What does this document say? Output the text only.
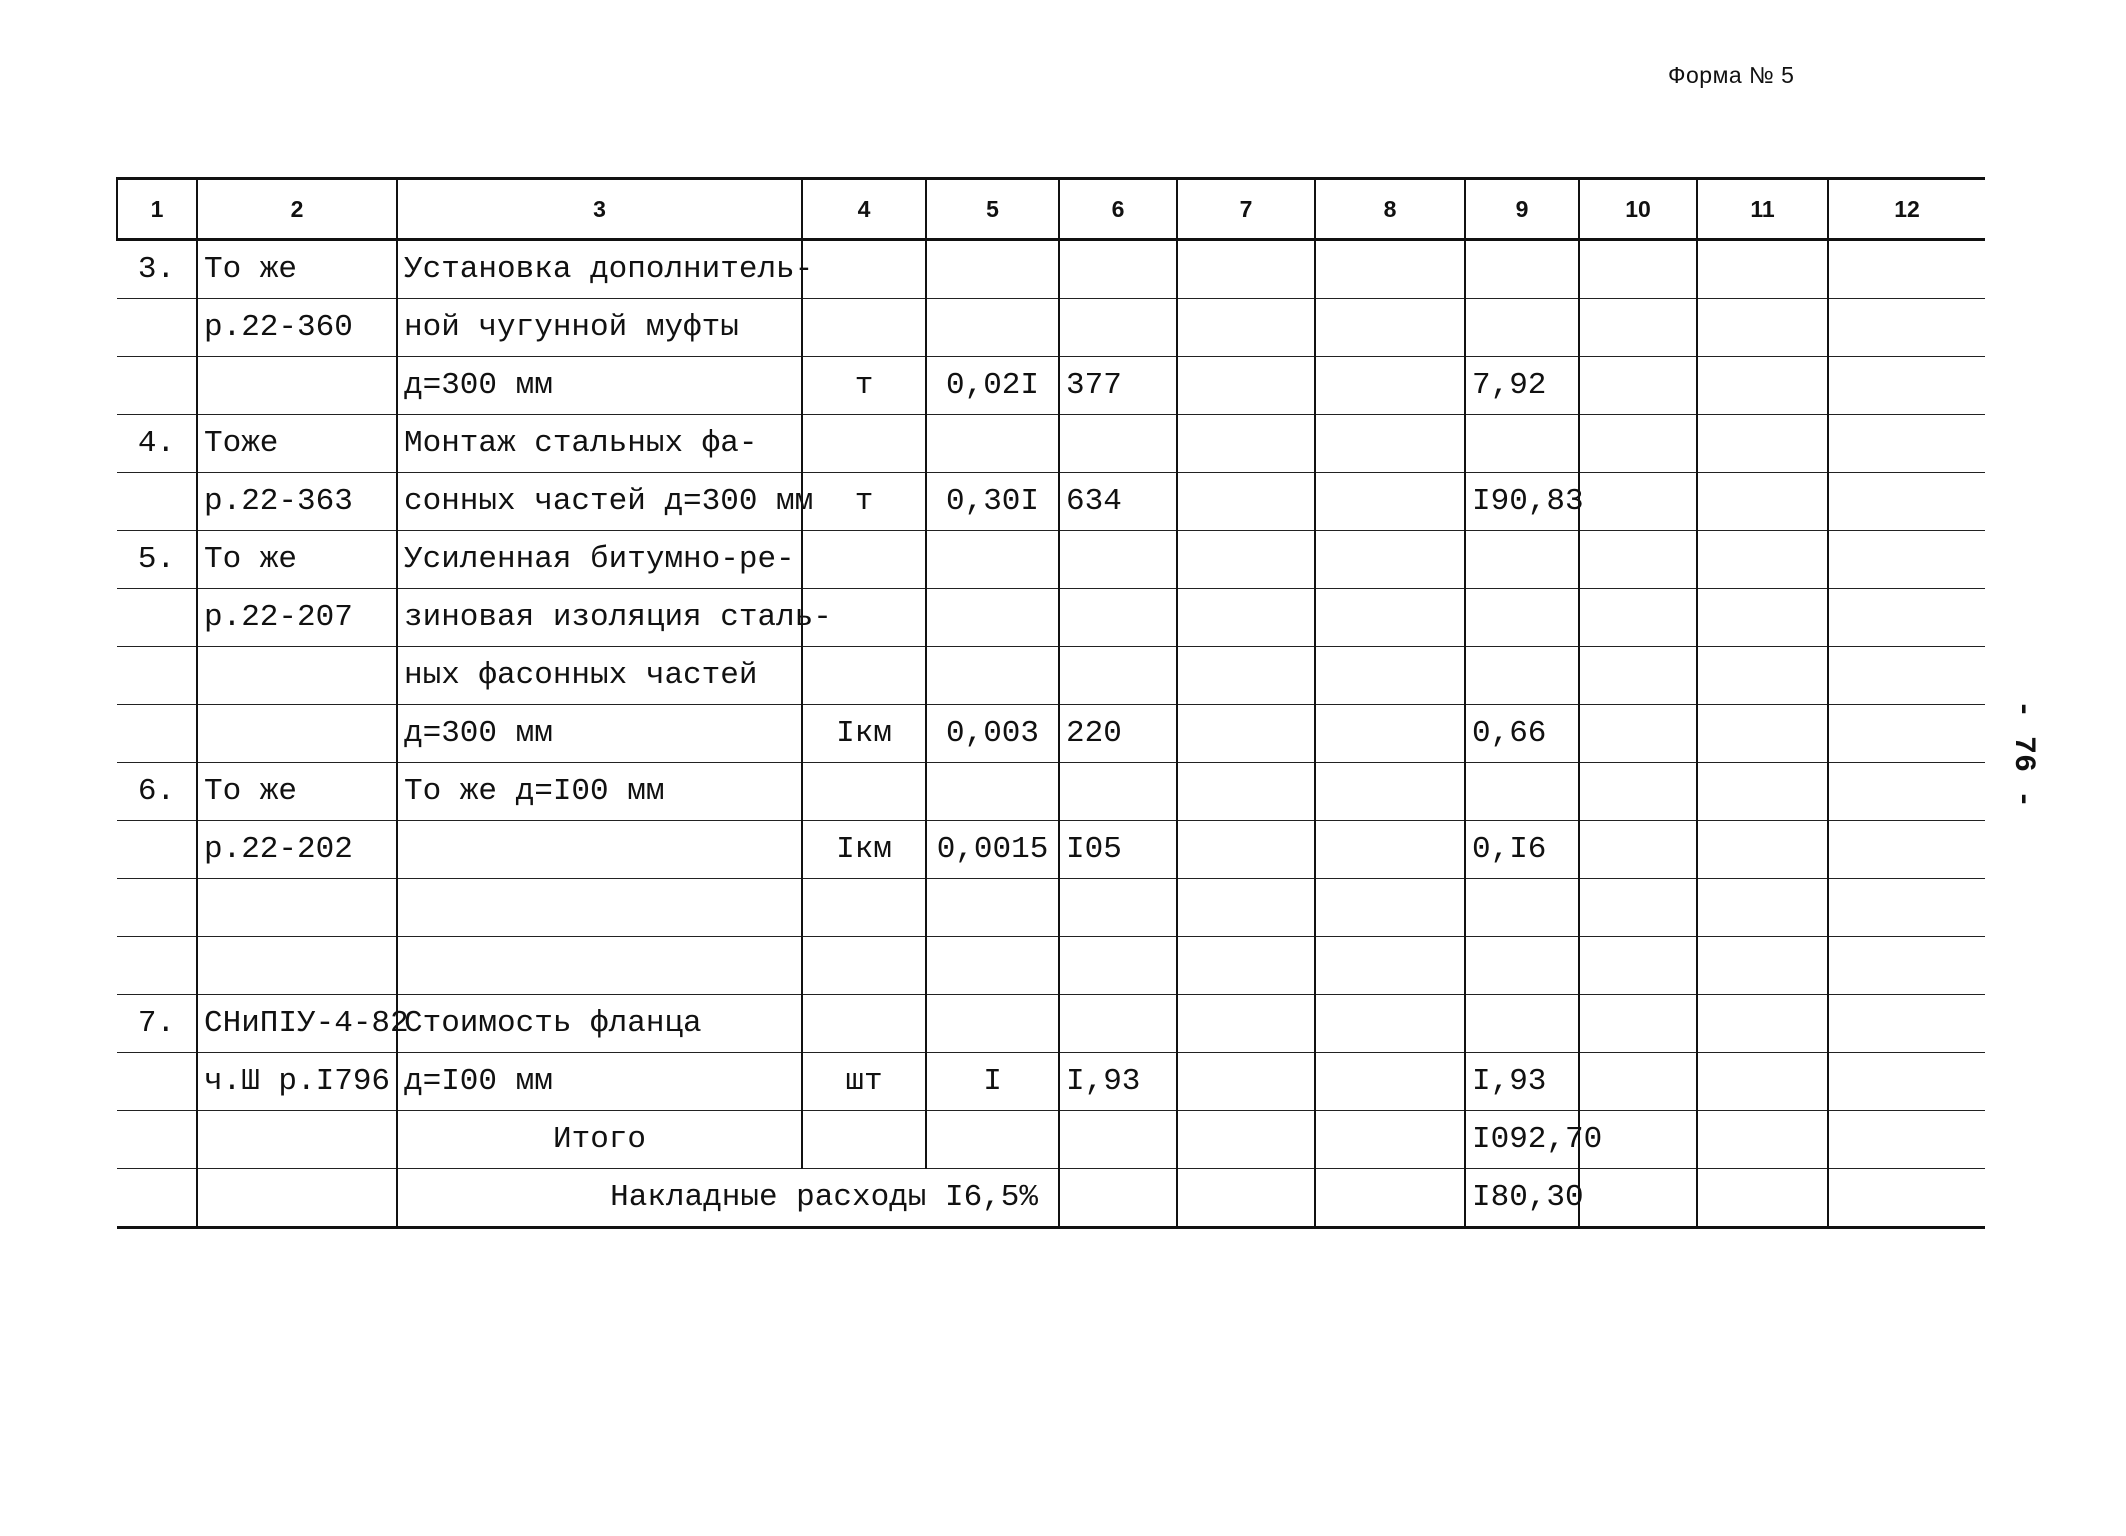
Форма № 5
- 76 -
1	2	3	4	5	6	7	8	9	10	11	12
3.	То же	Установка дополнитель-									
	р.22-360	ной чугунной муфты									
		д=300 мм	т	0,02I	377			7,92			
4.	Тоже	Монтаж стальных фа-									
	р.22-363	сонных частей д=300 мм	т	0,30I	634			I90,83			
5.	То же	Усиленная битумно-ре-									
	р.22-207	зиновая изоляция сталь-									
		ных фасонных частей									
		д=300 мм	Iкм	0,003	220			0,66			
6.	То же	То же д=I00 мм									
	р.22-202		Iкм	0,0015	I05			0,I6			

7.	СНиПIУ-4-82	Стоимость фланца									
	ч.Ш р.I796	д=I00 мм	шт	I	I,93			I,93			
		Итого						I092,70			
		Накладные расходы I6,5%						I80,30			
